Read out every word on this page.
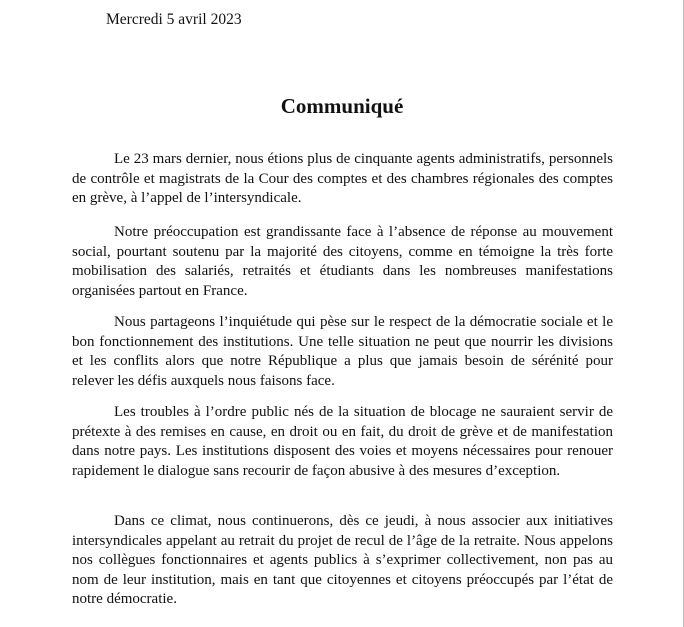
Mercredi 5 avril 2023
Communiqué

Le 23 mars dernier, nous étions plus de cinquante agents administratifs, personnels de contrôle et magistrats de la Cour des comptes et des chambres régionales des comptes en grève, à l’appel de l’intersyndicale.

Notre préoccupation est grandissante face à l’absence de réponse au mouvement social, pourtant soutenu par la majorité des citoyens, comme en témoigne la très forte mobilisation des salariés, retraités et étudiants dans les nombreuses manifestations organisées partout en France.

Nous partageons l’inquiétude qui pèse sur le respect de la démocratie sociale et le bon fonctionnement des institutions. Une telle situation ne peut que nourrir les divisions et les conflits alors que notre République a plus que jamais besoin de sérénité pour relever les défis auxquels nous faisons face.

Les troubles à l’ordre public nés de la situation de blocage ne sauraient servir de prétexte à des remises en cause, en droit ou en fait, du droit de grève et de manifestation dans notre pays. Les institutions disposent des voies et moyens nécessaires pour renouer rapidement le dialogue sans recourir de façon abusive à des mesures d’exception.

Dans ce climat, nous continuerons, dès ce jeudi, à nous associer aux initiatives intersyndicales appelant au retrait du projet de recul de l’âge de la retraite. Nous appelons nos collègues fonctionnaires et agents publics à s’exprimer collectivement, non pas au nom de leur institution, mais en tant que citoyennes et citoyens préoccupés par l’état de notre démocratie.
